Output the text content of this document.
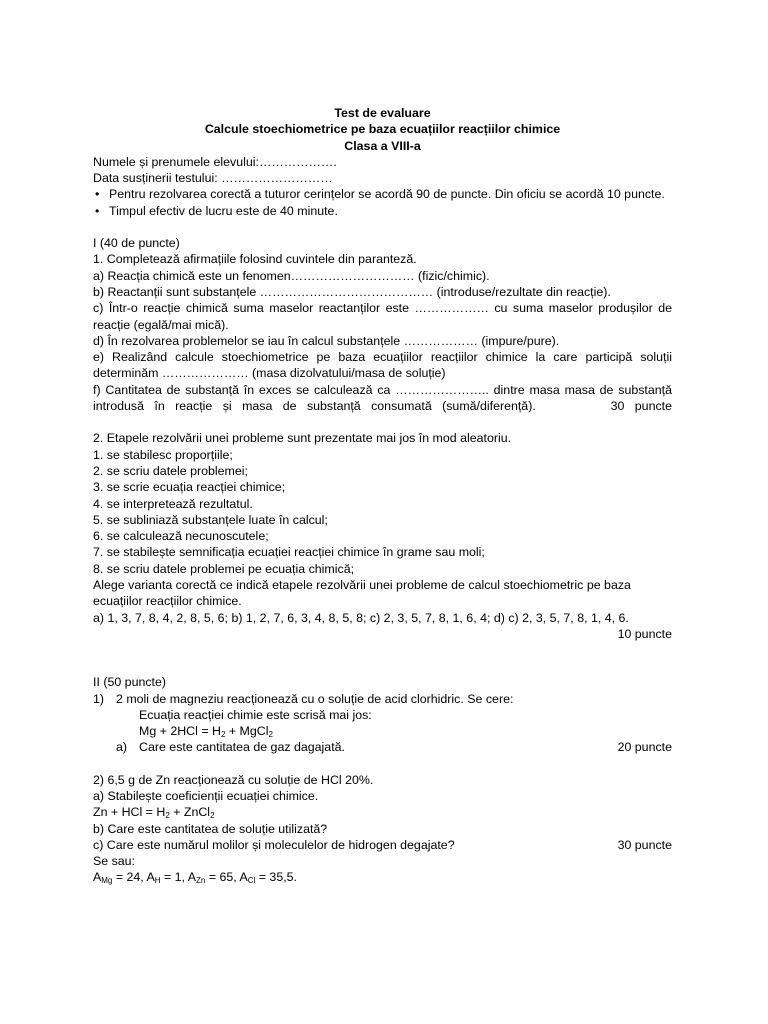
Test de evaluare
Calcule stoechiometrice pe baza ecuațiilor reacțiilor chimice
Clasa a VIII-a
Numele și prenumele elevului:……………….
Data susținerii testului: ………………………
• Pentru rezolvarea corectă a tuturor cerințelor se acordă 90 de puncte. Din oficiu se acordă 10 puncte.
• Timpul efectiv de lucru este de 40 minute.
I (40 de puncte)
1. Completează afirmațiile folosind cuvintele din paranteză.
a) Reacția chimică este un fenomen………………………… (fizic/chimic).
b) Reactanții sunt substanțele …………………………………… (introduse/rezultate din reacție).
c) Într-o reacție chimică suma maselor reactanților este ……………… cu suma maselor produșilor de reacție (egală/mai mică).
d) În rezolvarea problemelor se iau în calcul substanțele ……………… (impure/pure).
e) Realizând calcule stoechiometrice pe baza ecuațiilor reacțiilor chimice la care participă soluții determinăm ………………… (masa dizolvatului/masa de soluție)
f) Cantitatea de substanță în exces se calculează ca ………………….. dintre masa masa de substanță introdusă în reacție și masa de substanță consumată (sumă/diferență).	30 puncte
2. Etapele rezolvării unei probleme sunt prezentate mai jos în mod aleatoriu.
1. se stabilesc proporțiile;
2. se scriu datele problemei;
3. se scrie ecuația reacției chimice;
4. se interpretează rezultatul.
5. se subliniază substanțele luate în calcul;
6. se calculează necunoscutele;
7. se stabilește semnificația ecuației reacției chimice în grame sau moli;
8. se scriu datele problemei pe ecuația chimică;
Alege varianta corectă ce indică etapele rezolvării unei probleme de calcul stoechiometric pe baza ecuațiilor reacțiilor chimice.
a) 1, 3, 7, 8, 4, 2, 8, 5, 6; b) 1, 2, 7, 6, 3, 4, 8, 5, 8; c) 2, 3, 5, 7, 8, 1, 6, 4; d) c) 2, 3, 5, 7, 8, 1, 4, 6.
10 puncte
II (50 puncte)
1) 2 moli de magneziu reacționează cu o soluție de acid clorhidric. Se cere:
Ecuația reacției chimie este scrisă mai jos:
$Mg + 2HCl = H_2$ + MgCl$_2$
a) Care este cantitatea de gaz dagajată.	20 puncte
2) 6,5 g de Zn reacționează cu soluție de HCl 20%.
a) Stabilește coeficienții ecuației chimice.
Zn + HCl = $H_2$ + ZnCl$_2$
b) Care este cantitatea de soluție utilizată?
c) Care este numărul molilor și moleculelor de hidrogen degajate?	30 puncte
Se sau:
$A_{Mg} = 24$, $A_H = 1$, $A_{Zn} = 65$, $A_{Cl} = 35,5$.
